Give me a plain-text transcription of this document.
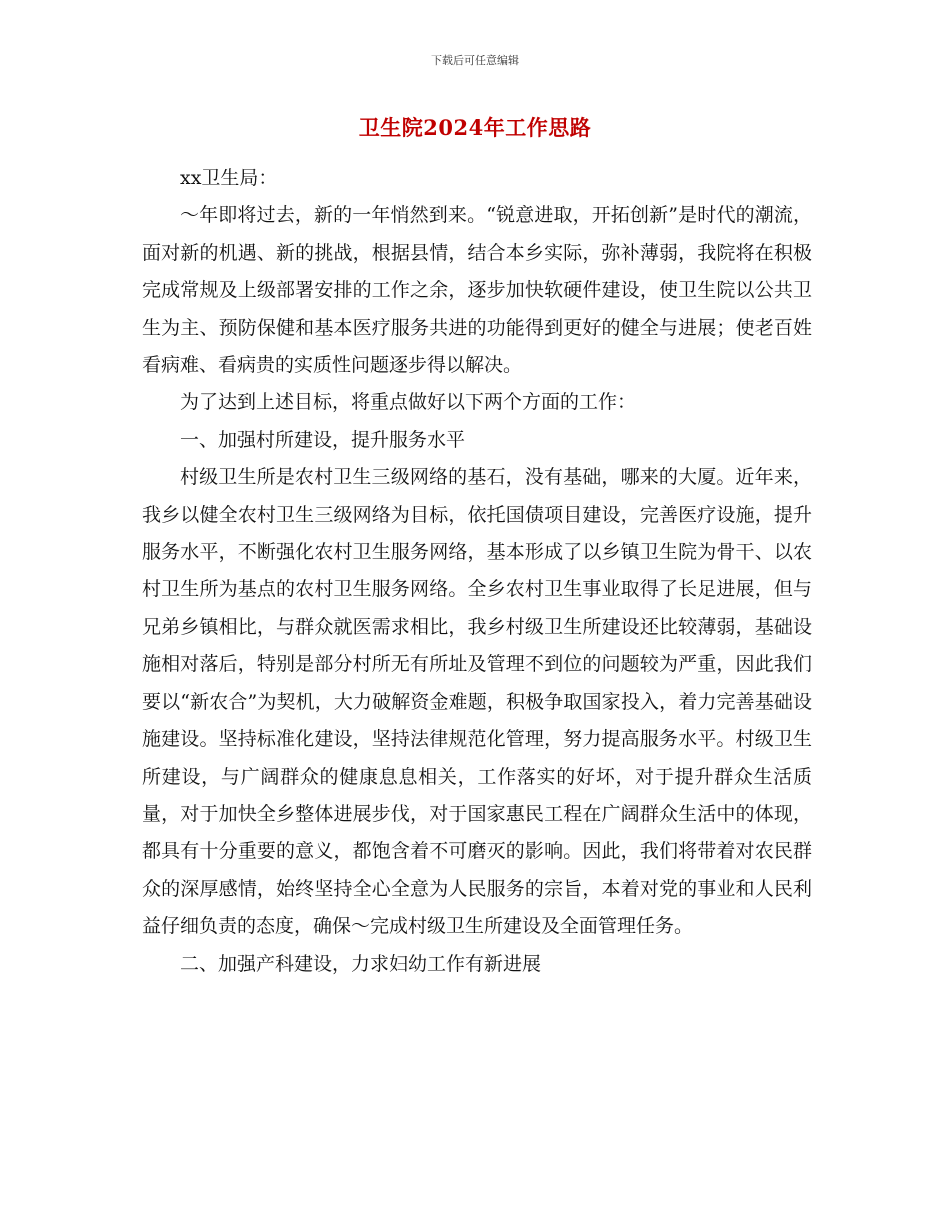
下载后可任意编辑
卫生院2024年工作思路

xx卫生局：

～年即将过去，新的一年悄然到来。“锐意进取，开拓创新”是时代的潮流，面对新的机遇、新的挑战，根据县情，结合本乡实际，弥补薄弱，我院将在积极完成常规及上级部署安排的工作之余，逐步加快软硬件建设，使卫生院以公共卫生为主、预防保健和基本医疗服务共进的功能得到更好的健全与进展；使老百姓看病难、看病贵的实质性问题逐步得以解决。

为了达到上述目标，将重点做好以下两个方面的工作：

一、加强村所建设，提升服务水平

村级卫生所是农村卫生三级网络的基石，没有基础，哪来的大厦。近年来，我乡以健全农村卫生三级网络为目标，依托国债项目建设，完善医疗设施，提升服务水平，不断强化农村卫生服务网络，基本形成了以乡镇卫生院为骨干、以农村卫生所为基点的农村卫生服务网络。全乡农村卫生事业取得了长足进展，但与兄弟乡镇相比，与群众就医需求相比，我乡村级卫生所建设还比较薄弱，基础设施相对落后，特别是部分村所无有所址及管理不到位的问题较为严重，因此我们要以“新农合”为契机，大力破解资金难题，积极争取国家投入，着力完善基础设施建设。坚持标准化建设，坚持法律规范化管理，努力提高服务水平。村级卫生所建设，与广阔群众的健康息息相关，工作落实的好坏，对于提升群众生活质量，对于加快全乡整体进展步伐，对于国家惠民工程在广阔群众生活中的体现，都具有十分重要的意义，都饱含着不可磨灭的影响。因此，我们将带着对农民群众的深厚感情，始终坚持全心全意为人民服务的宗旨，本着对党的事业和人民利益仔细负责的态度，确保～完成村级卫生所建设及全面管理任务。

二、加强产科建设，力求妇幼工作有新进展
